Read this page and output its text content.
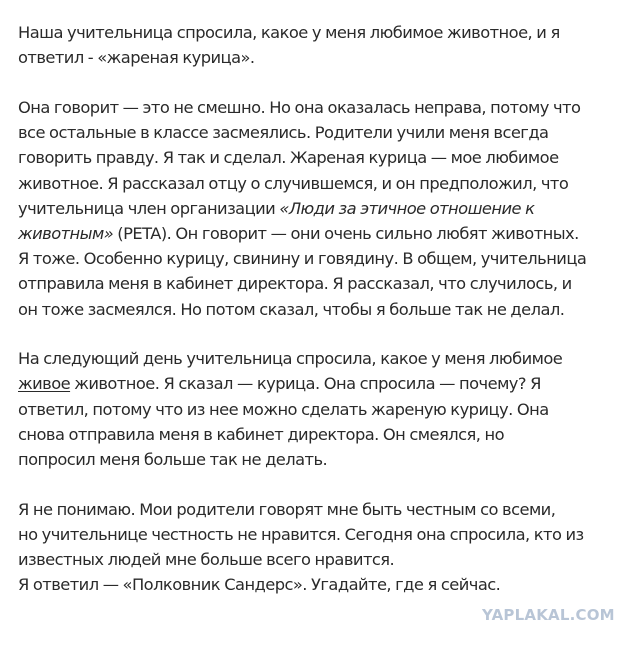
Наша учительница спросила, какое у меня любимое животное, и я
ответил - «жареная курица».

Она говорит — это не смешно. Но она оказалась неправа, потому что
все остальные в классе засмеялись. Родители учили меня всегда
говорить правду. Я так и сделал. Жареная курица — мое любимое
животное. Я рассказал отцу о случившемся, и он предположил, что
учительница член организации «Люди за этичное отношение к
животным» (PETA). Он говорит — они очень сильно любят животных.
Я тоже. Особенно курицу, свинину и говядину. В общем, учительница
отправила меня в кабинет директора. Я рассказал, что случилось, и
он тоже засмеялся. Но потом сказал, чтобы я больше так не делал.

На следующий день учительница спросила, какое у меня любимое
живое животное. Я сказал — курица. Она спросила — почему? Я
ответил, потому что из нее можно сделать жареную курицу. Она
снова отправила меня в кабинет директора. Он смеялся, но
попросил меня больше так не делать.

Я не понимаю. Мои родители говорят мне быть честным со всеми,
но учительнице честность не нравится. Сегодня она спросила, кто из
известных людей мне больше всего нравится.
Я ответил — «Полковник Сандерс». Угадайте, где я сейчас.

YAPLAKAL.COM
